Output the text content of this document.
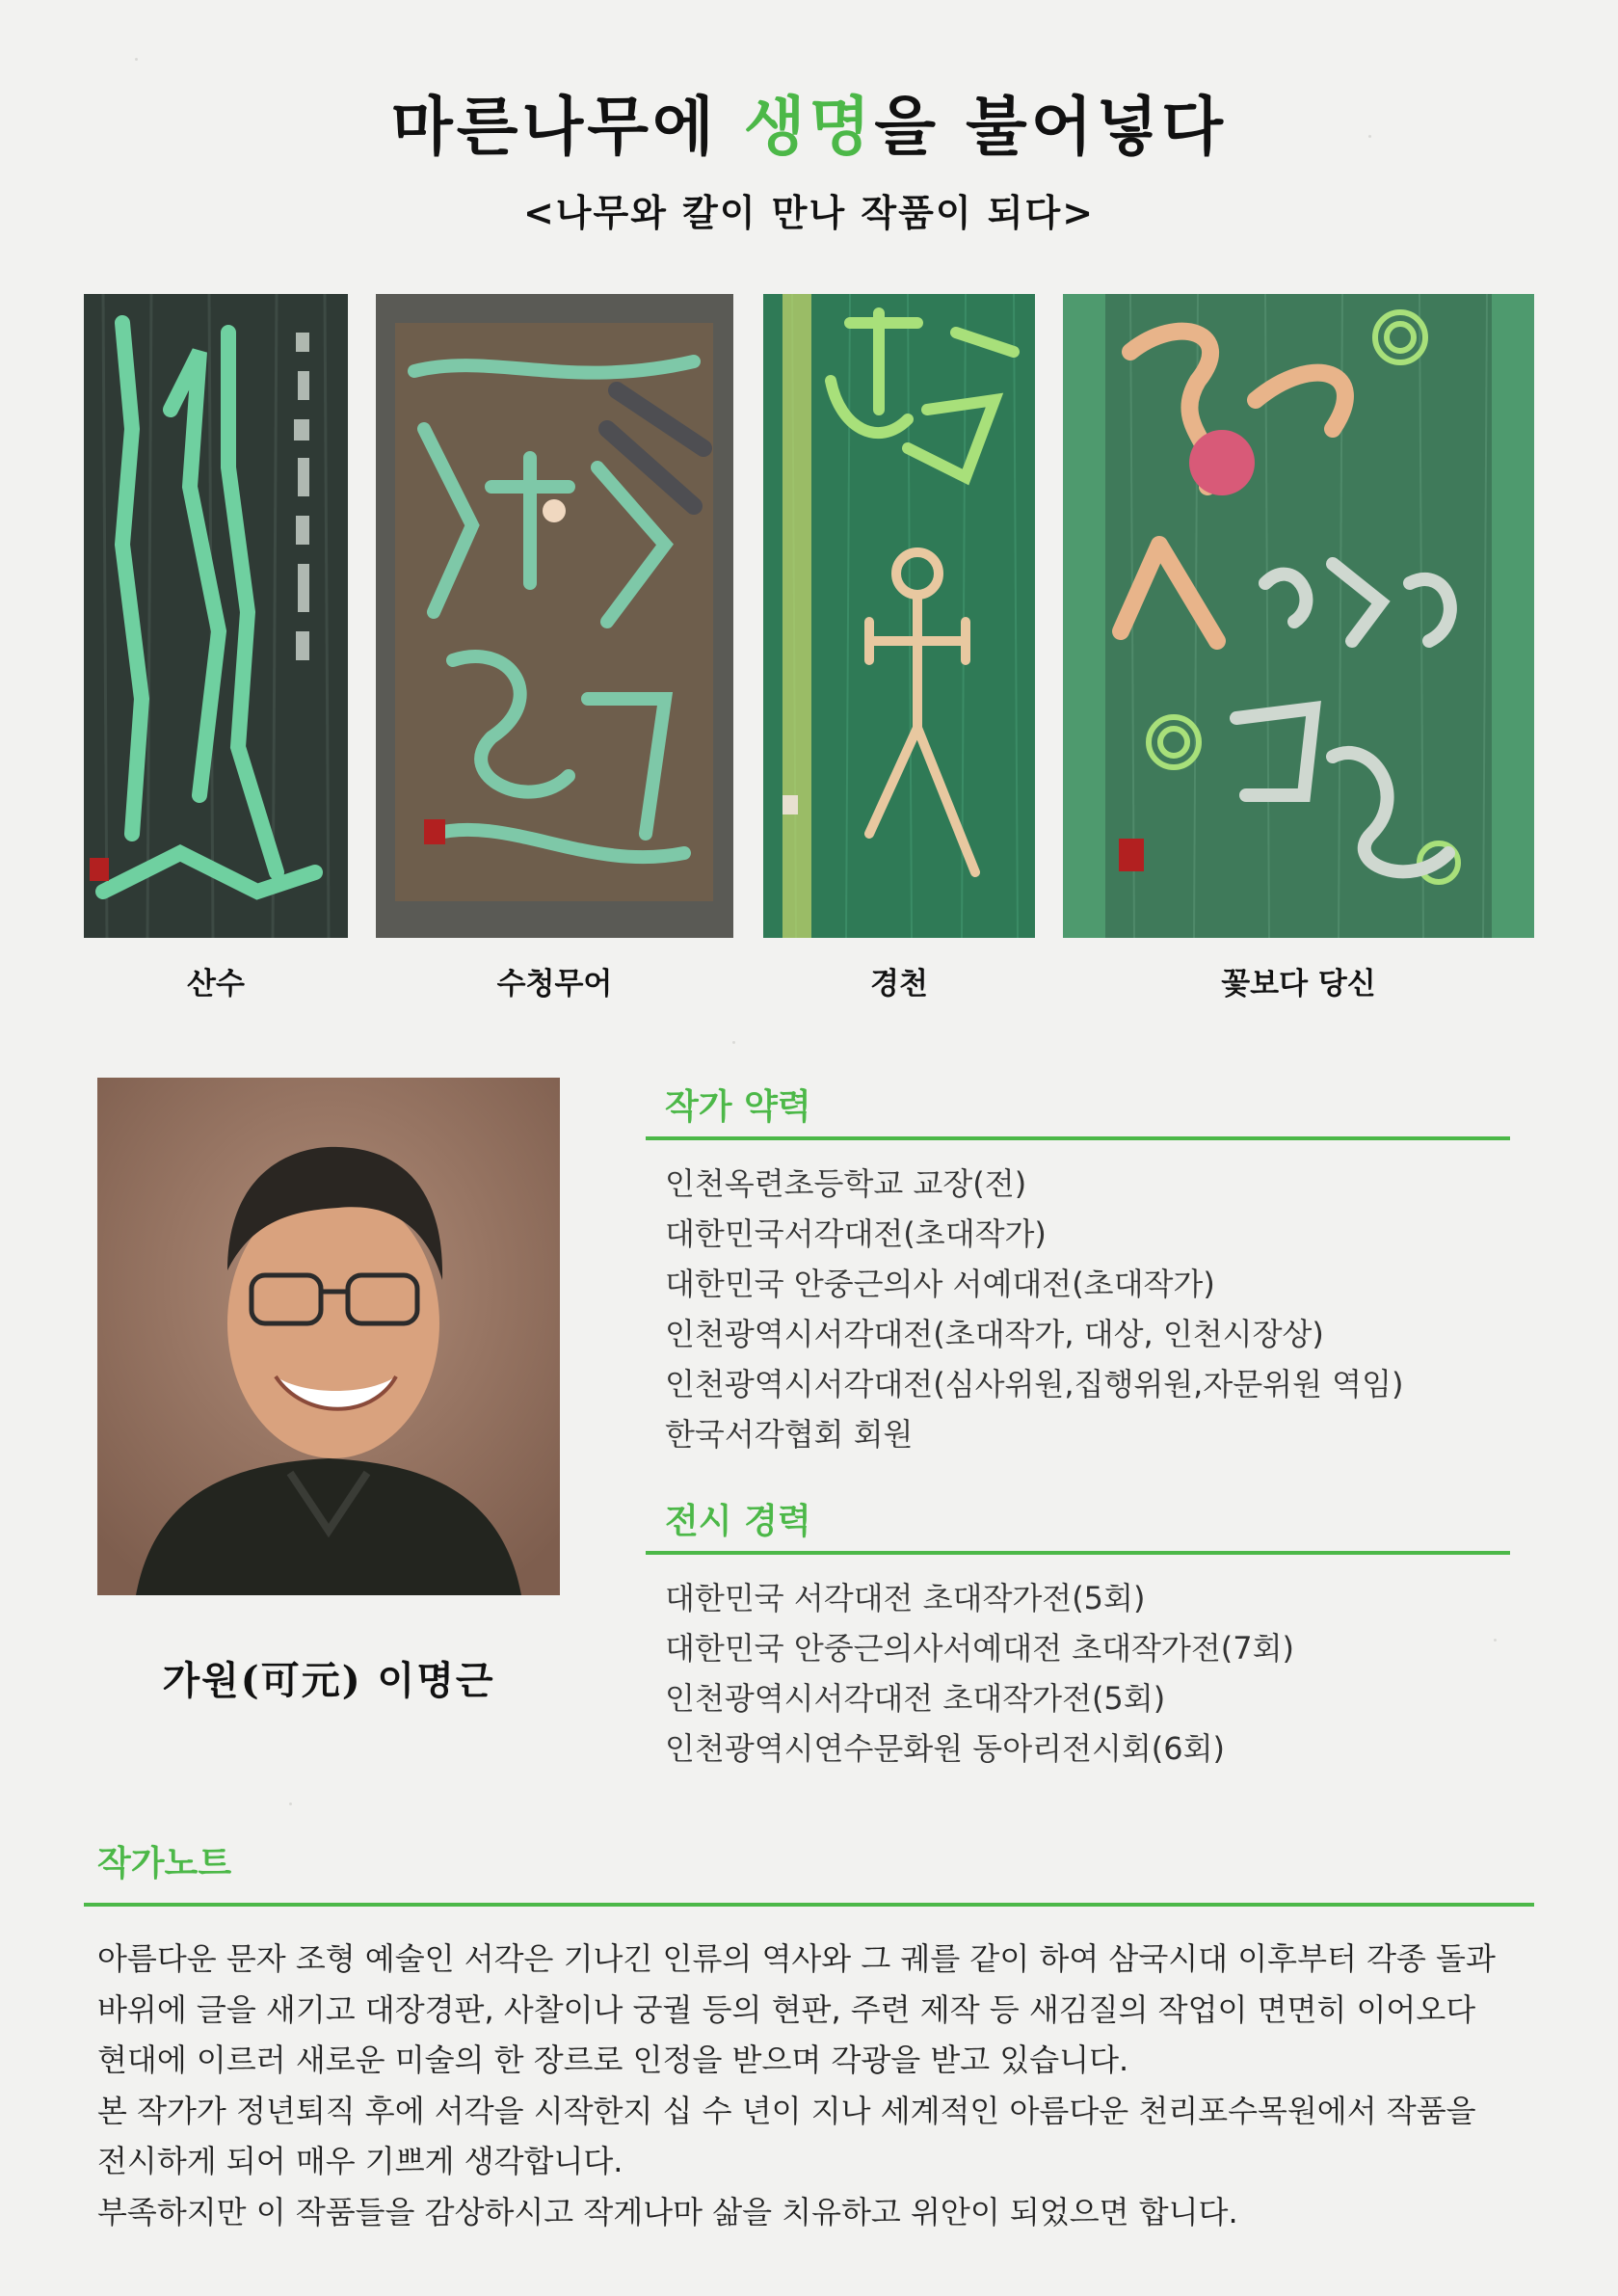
마른나무에 생명을 불어넣다
<나무와 칼이 만나 작품이 되다>
산수	수청무어	경천	꽃보다 당신
가원(可元) 이명근
작가 약력
인천옥련초등학교 교장(전)
대한민국서각대전(초대작가)
대한민국 안중근의사 서예대전(초대작가)
인천광역시서각대전(초대작가, 대상, 인천시장상)
인천광역시서각대전(심사위원,집행위원,자문위원 역임)
한국서각협회 회원
전시 경력
대한민국 서각대전 초대작가전(5회)
대한민국 안중근의사서예대전 초대작가전(7회)
인천광역시서각대전 초대작가전(5회)
인천광역시연수문화원 동아리전시회(6회)
작가노트

아름다운 문자 조형 예술인 서각은 기나긴 인류의 역사와 그 궤를 같이 하여 삼국시대 이후부터 각종 돌과

바위에 글을 새기고 대장경판, 사찰이나 궁궐 등의 현판, 주련 제작 등 새김질의 작업이 면면히 이어오다

현대에 이르러 새로운 미술의 한 장르로 인정을 받으며 각광을 받고 있습니다.

본 작가가 정년퇴직 후에 서각을 시작한지 십 수 년이 지나 세계적인 아름다운 천리포수목원에서 작품을

전시하게 되어 매우 기쁘게 생각합니다.

부족하지만 이 작품들을 감상하시고 작게나마 삶을 치유하고 위안이 되었으면 합니다.
